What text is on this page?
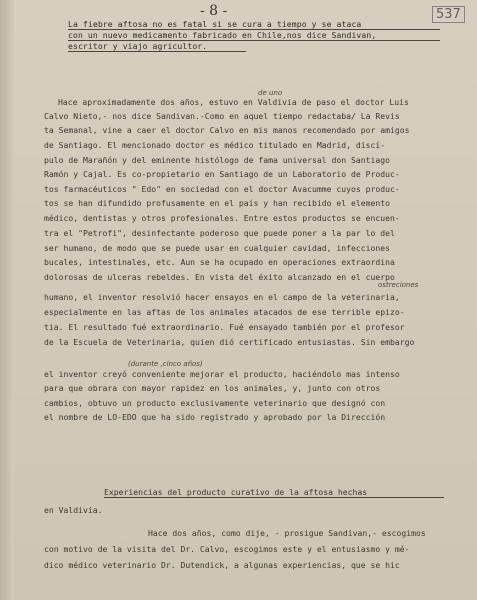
- 8 -	537
La fiebre aftosa no es fatal si se cura a tiempo y se ataca
con un nuevo medicamento fabricado en Chile,nos dice Sandivan,
escritor y viajo agricultor.
de uno
Hace aproximadamente dos años, estuvo en Valdivia de paso el doctor Luis
Calvo Nieto,- nos dice Sandivan.-Como en aquel tiempo redactaba/ La Revis
ta Semanal, vine a caer el doctor Calvo en mis manos recomendado por amigos
de Santiago. El mencionado doctor es médico titulado en Madrid, discí-
pulo de Marañón y del eminente histólogo de fama universal don Santiago
Ramón y Cajal. Es co-propietario en Santiago de un Laboratorio de Produc-
tos farmacéuticos " Edo" en sociedad con el doctor Avacumme cuyos produc-
tos se han difundido profusamente en el país y han recibido el elemento
médico, dentistas y otros profesionales. Entre estos productos se encuen-
tra el "Petrofi", desinfectante poderoso que puede poner a la par lo del
ser humano, de modo que se puede usar en cualquier cavidad, infecciones
bucales, intestinales, etc. Aun se ha ocupado en operaciones extraordina
dolorosas de ulceras rebeldes. En vista del éxito alcanzado en el cuerpo
ostreciones
humano, el inventor resolvió hacer ensayos en el campo de la veterinaria,
especialmente en las aftas de los animales atacados de ese terrible epizo-
tia. El resultado fué extraordinario. Fué ensayado también por el profesor
de la Escuela de Veterinaria, quien dió certificado entusiastas. Sin embargo
(durante ,cinco años)
el inventor creyó conveniente mejorar el producto, haciéndolo mas intenso
para que obrara con mayor rapidez en los animales, y, junto con otros
cambios, obtuvo un producto exclusivamente veterinario que designó con
el nombre de LO-EDO que ha sido registrado y aprobado por la Dirección
Experiencias del producto curativo de la aftosa hechas
en Valdivia.
Hace dos años, como dije, - prosigue Sandivan,- escogimos
con motivo de la visita del Dr. Calvo, escogimos este y el entusiasmo y mé-
dico médico veterinario Dr. Dutendick, a algunas experiencias, que se hic
